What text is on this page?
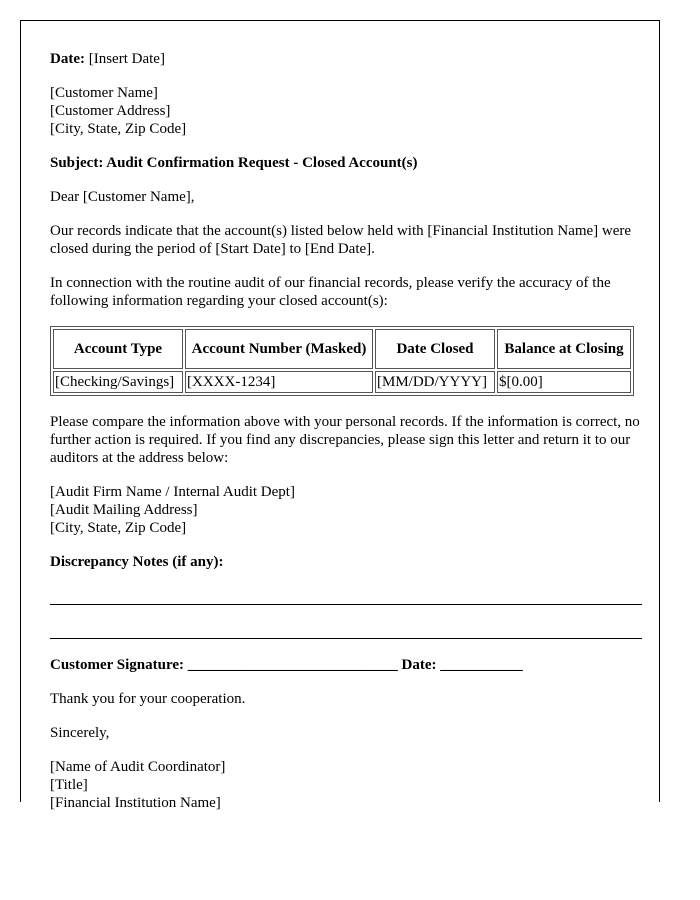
Date: [Insert Date]

[Customer Name]
[Customer Address]
[City, State, Zip Code]

Subject: Audit Confirmation Request - Closed Account(s)

Dear [Customer Name],

Our records indicate that the account(s) listed below held with [Financial Institution Name] were closed during the period of [Start Date] to [End Date].

In connection with the routine audit of our financial records, please verify the accuracy of the following information regarding your closed account(s):

Account Type	Account Number (Masked)	Date Closed	Balance at Closing
[Checking/Savings]	[XXXX-1234]	[MM/DD/YYYY]	$[0.00]

Please compare the information above with your personal records. If the information is correct, no further action is required. If you find any discrepancies, please sign this letter and return it to our auditors at the address below:

[Audit Firm Name / Internal Audit Dept]
[Audit Mailing Address]
[City, State, Zip Code]

Discrepancy Notes (if any):

Customer Signature: ____________________________ Date: ___________

Thank you for your cooperation.

Sincerely,

[Name of Audit Coordinator]
[Title]
[Financial Institution Name]
